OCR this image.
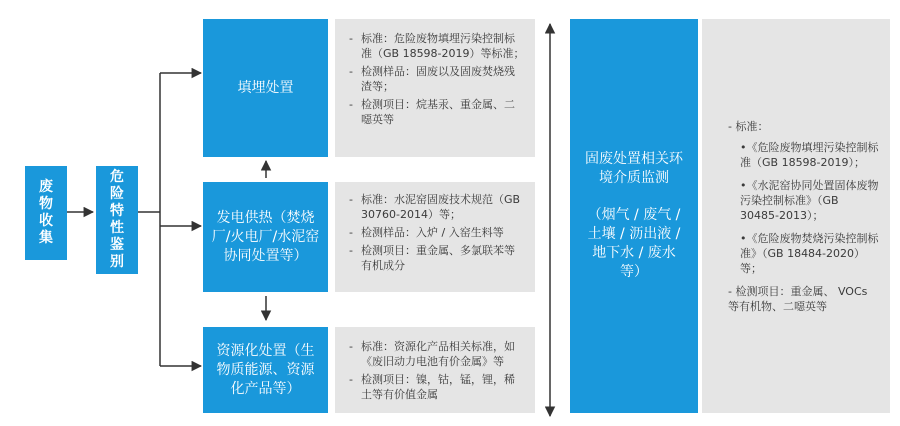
废
物
收
集
危
险
特
性
鉴
别
填埋处置
- 标准：危险废物填埋污染控制标准（GB 18598-2019）等标准；
- 检测样品：固废以及固废焚烧残渣等；
- 检测项目：烷基汞、重金属、二噁英等
发电供热（焚烧厂/火电厂/水泥窑协同处置等）
- 标准：水泥窑固废技术规范（GB 30760-2014）等；
- 检测样品：入炉 / 入窑生料等
- 检测项目：重金属、多氯联苯等有机成分
资源化处置（生物质能源、资源化产品等）
- 标准：资源化产品相关标准，如《废旧动力电池有价金属》等
- 检测项目：镍，钴，锰，锂，稀土等有价值金属
固废处置相关环境介质监测
（烟气 / 废气 / 土壤 / 沥出液 / 地下水 / 废水等）
- 标准：
• 《危险废物填埋污染控制标准（GB 18598-2019）；
• 《水泥窑协同处置固体废物污染控制标准》（GB 30485-2013）；
• 《危险废物焚烧污染控制标准》（GB 18484-2020）等；
- 检测项目：重金属、 VOCs 等有机物、二噁英等
